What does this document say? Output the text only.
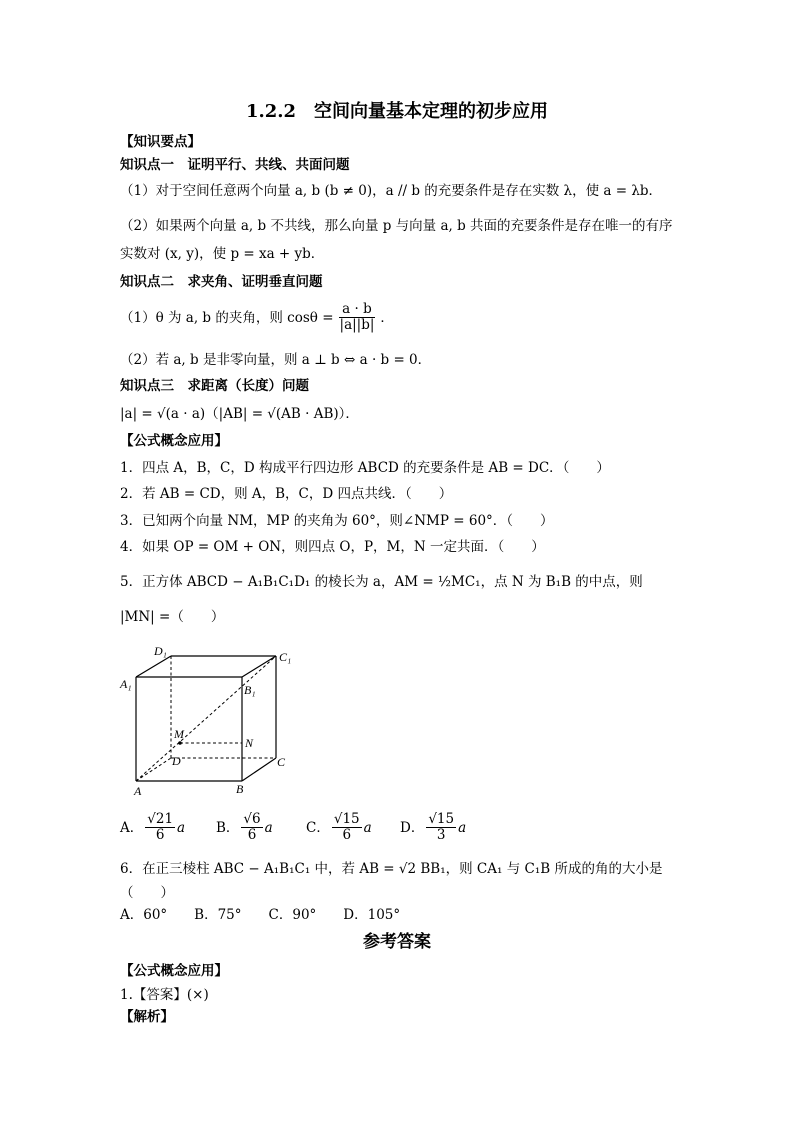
1.2.2　空间向量基本定理的初步应用
【知识要点】
知识点一　证明平行、共线、共面问题
（1）对于空间任意两个向量 a, b (b ≠ 0)，a // b 的充要条件是存在实数 λ，使 a = λb．
（2）如果两个向量 a, b 不共线，那么向量 p 与向量 a, b 共面的充要条件是存在唯一的有序
实数对 (x, y)，使 p = xa + yb．
知识点二　求夹角、证明垂直问题
（1）θ 为 a, b 的夹角，则 $\cos\theta = \frac{a \cdot b}{|a||b|}$ ．
（2）若 a, b 是非零向量，则 a ⊥ b ⇔ a · b = 0．
知识点三　求距离（长度）问题
|a| = √(a · a)（|AB| = √(AB · AB)）．
【公式概念应用】
1．四点 A，B，C，D 构成平行四边形 ABCD 的充要条件是 AB = DC．（　　）
2．若 AB = CD，则 A，B，C，D 四点共线．（　　）
3．已知两个向量 NM，MP 的夹角为 60°，则∠NMP = 60°．（　　）
4．如果 OP = OM + ON，则四点 O，P，M，N 一定共面．（　　）
5．正方体 ABCD − A₁B₁C₁D₁ 的棱长为 a，AM = ½MC₁，点 N 为 B₁B 的中点，则
|MN| =（　　）
D₁	C₁
A₁	B₁
M
N
D	C
A	B
A． $\frac{√21}{6}$ a B． $\frac{√6}{6}$ a C． $\frac{√15}{6}$ a D． $\frac{√15}{3}$ a
6．在正三棱柱 ABC − A₁B₁C₁ 中，若 AB = √2 BB₁，则 CA₁ 与 C₁B 所成的角的大小是
（　　）
A．60°　　B．75°　　C．90°　　D．105°
参考答案
【公式概念应用】
1.【答案】(×)
【解析】
